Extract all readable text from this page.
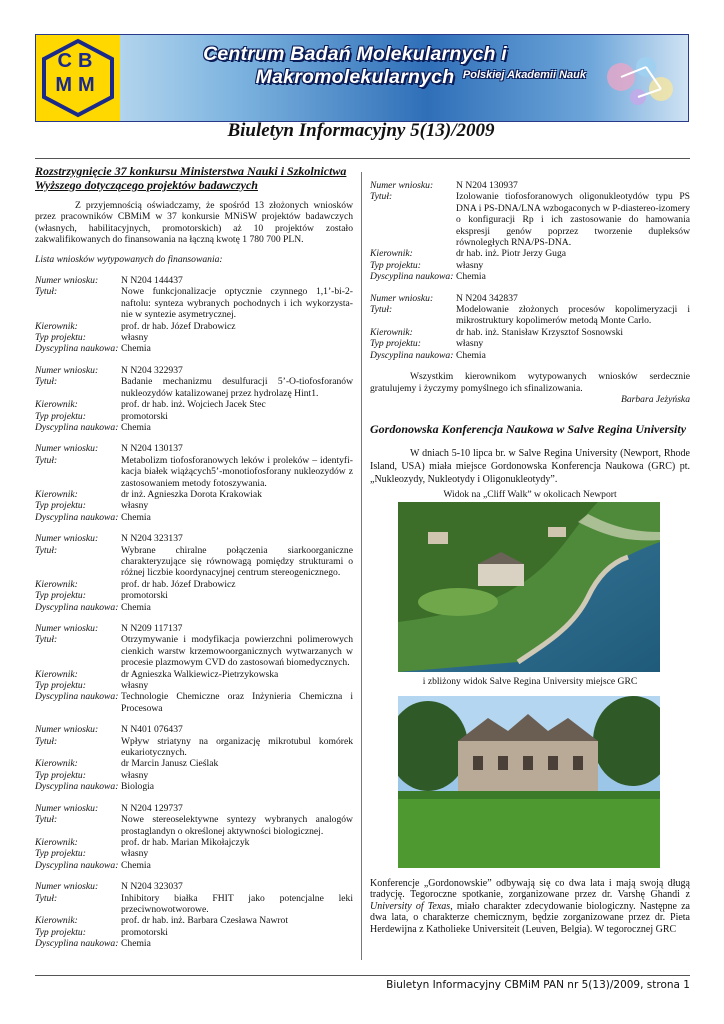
CB
MM
Centrum Badań Molekularnych i Makromolekularnych Polskiej Akademii Nauk
Biuletyn Informacyjny 5(13)/2009
Rozstrzygnięcie 37 konkursu Ministerstwa Nauki i Szkolnictwa Wyższego dotyczącego projektów badawczych

Z przyjemnością oświadczamy, że spośród 13 złożonych wniosków przez pracowników CBMiM w 37 konkursie MNiSW projektów badawczych (własnych, habilitacyjnych, promotorskich) aż 10 projektów zostało zakwalifikowanych do finansowania na łączną kwotę 1 780 700 PLN.

Lista wniosków wytypowanych do finansowania:

Numer wniosku:	N N204 144437
Tytuł:	Nowe funkcjonalizacje optycznie czynnego 1,1’-bi-2-naftolu: synteza wybranych pochodnych i ich wykorzysta-nie w syntezie asymetrycznej.
Kierownik:	prof. dr hab. Józef Drabowicz
Typ projektu:	własny
Dyscyplina naukowa: Chemia
Numer wniosku:	N N204 322937
Tytuł:	Badanie mechanizmu desulfuracji 5’-O-tiofosforanów nukleozydów katalizowanej przez hydrolazę Hint1.
Kierownik:	prof. dr hab. inż. Wojciech Jacek Stec
Typ projektu:	promotorski
Dyscyplina naukowa: Chemia
Numer wniosku:	N N204 130137
Tytuł:	Metabolizm tiofosforanowych leków i proleków – identyfi-kacja białek wiążących5’-monotiofosforany nukleozydów z zastosowaniem metody fotoszywania.
Kierownik:	dr inż. Agnieszka Dorota Krakowiak
Typ projektu:	własny
Dyscyplina naukowa: Chemia
Numer wniosku:	N N204 323137
Tytuł:	Wybrane chiralne połączenia siarkoorganiczne charakteryzujące się równowagą pomiędzy strukturami o różnej liczbie koordynacyjnej centrum stereogenicznego.
Kierownik:	prof. dr hab. Józef Drabowicz
Typ projektu:	promotorski
Dyscyplina naukowa: Chemia
Numer wniosku:	N N209 117137
Tytuł:	Otrzymywanie i modyfikacja powierzchni polimerowych cienkich warstw krzemowoorganicznych wytwarzanych w procesie plazmowym CVD do zastosowań biomedycznych.
Kierownik:	dr Agnieszka Walkiewicz-Pietrzykowska
Typ projektu:	własny
Dyscyplina naukowa: Technologie Chemiczne oraz Inżynieria Chemiczna i Procesowa
Numer wniosku:	N N401 076437
Tytuł:	Wpływ striatyny na organizację mikrotubul komórek eukariotycznych.
Kierownik:	dr Marcin Janusz Cieślak
Typ projektu:	własny
Dyscyplina naukowa: Biologia
Numer wniosku:	N N204 129737
Tytuł:	Nowe stereoselektywne syntezy wybranych analogów prostaglandyn o określonej aktywności biologicznej.
Kierownik:	prof. dr hab. Marian Mikołajczyk
Typ projektu:	własny
Dyscyplina naukowa: Chemia
Numer wniosku:	N N204 323037
Tytuł:	Inhibitory białka FHIT jako potencjalne leki przeciwnowotworowe.
Kierownik:	prof. dr hab. inż. Barbara Czesława Nawrot
Typ projektu:	promotorski
Dyscyplina naukowa: Chemia
Numer wniosku:	N N204 130937
Tytuł:	Izolowanie tiofosforanowych oligonukleotydów typu PS DNA i PS-DNA/LNA wzbogaconych w P-diastereo-izomery o konfiguracji Rp i ich zastosowanie do hamowania ekspresji genów poprzez tworzenie dupleksów równoległych RNA/PS-DNA.
Kierownik:	dr hab. inż. Piotr Jerzy Guga
Typ projektu:	własny
Dyscyplina naukowa: Chemia
Numer wniosku:	N N204 342837
Tytuł:	Modelowanie złożonych procesów kopolimeryzacji i mikrostruktury kopolimerów metodą Monte Carlo.
Kierownik:	dr hab. inż. Stanisław Krzysztof Sosnowski
Typ projektu:	własny
Dyscyplina naukowa: Chemia

Wszystkim kierownikom wytypowanych wniosków serdecznie gratulujemy i życzymy pomyślnego ich sfinalizowania.

Barbara Jeżyńska

Gordonowska Konferencja Naukowa w Salve Regina University

W dniach 5-10 lipca br. w Salve Regina University (Newport, Rhode Island, USA) miała miejsce Gordonowska Konferencja Naukowa (GRC) pt. „Nukleozydy, Nukleotydy i Oligonukleotydy”.

Widok na „Cliff Walk” w okolicach Newport

i zbliżony widok Salve Regina University miejsce GRC

Konferencje „Gordonowskie” odbywają się co dwa lata i mają swoją długą tradycję. Tegoroczne spotkanie, zorganizowane przez dr. Varshę Ghandi z University of Texas, miało charakter zdecydowanie biologiczny. Następne za dwa lata, o charakterze chemicznym, będzie zorganizowane przez dr. Pieta Herdewijna z Katholieke Universiteit (Leuven, Belgia). W tegorocznej GRC

Biuletyn Informacyjny CBMiM PAN nr 5(13)/2009, strona 1
